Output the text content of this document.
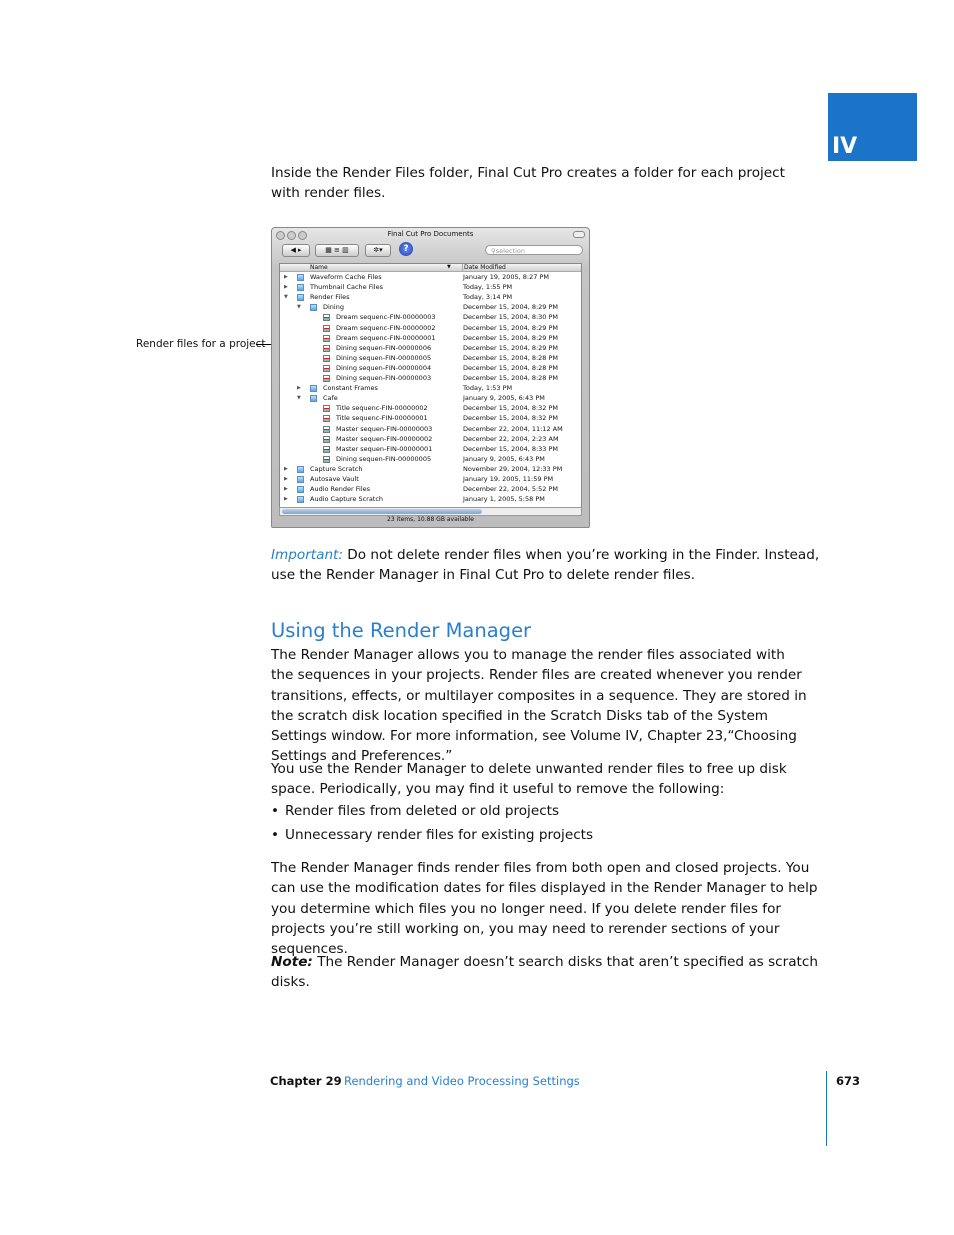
IV
Inside the Render Files folder, Final Cut Pro creates a folder for each project with render files.
Render files for a project
Final Cut Pro Documents
◀ ▸	▦ ≡ ▥	✲▾	?	⚲selection
Name	▼	Date Modified
▶	Waveform Cache Files	January 19, 2005, 8:27 PM
▶	Thumbnail Cache Files	Today, 1:55 PM
▼	Render Files	Today, 3:14 PM
▼	Dining	December 15, 2004, 8:29 PM
Dream sequenc-FIN-00000003	December 15, 2004, 8:30 PM
Dream sequenc-FIN-00000002	December 15, 2004, 8:29 PM
Dream sequenc-FIN-00000001	December 15, 2004, 8:29 PM
Dining sequen-FIN-00000006	December 15, 2004, 8:29 PM
Dining sequen-FIN-00000005	December 15, 2004, 8:28 PM
Dining sequen-FIN-00000004	December 15, 2004, 8:28 PM
Dining sequen-FIN-00000003	December 15, 2004, 8:28 PM
▶	Constant Frames	Today, 1:53 PM
▼	Cafe	January 9, 2005, 6:43 PM
Title sequenc-FIN-00000002	December 15, 2004, 8:32 PM
Title sequenc-FIN-00000001	December 15, 2004, 8:32 PM
Master sequen-FIN-00000003	December 22, 2004, 11:12 AM
Master sequen-FIN-00000002	December 22, 2004, 2:23 AM
Master sequen-FIN-00000001	December 15, 2004, 8:33 PM
Dining sequen-FIN-00000005	January 9, 2005, 6:43 PM
▶	Capture Scratch	November 29, 2004, 12:33 PM
▶	Autosave Vault	January 19, 2005, 11:59 PM
▶	Audio Render Files	December 22, 2004, 5:52 PM
▶	Audio Capture Scratch	January 1, 2005, 5:58 PM
23 items, 10.88 GB available
Important: Do not delete render files when you’re working in the Finder. Instead, use the Render Manager in Final Cut Pro to delete render files.
Using the Render Manager
The Render Manager allows you to manage the render files associated with the sequences in your projects. Render files are created whenever you render transitions, effects, or multilayer composites in a sequence. They are stored in the scratch disk location specified in the Scratch Disks tab of the System Settings window. For more information, see Volume IV, Chapter 23,“Choosing Settings and Preferences.”
You use the Render Manager to delete unwanted render files to free up disk space. Periodically, you may find it useful to remove the following:
• Render files from deleted or old projects
• Unnecessary render files for existing projects
The Render Manager finds render files from both open and closed projects. You can use the modification dates for files displayed in the Render Manager to help you determine which files you no longer need. If you delete render files for projects you’re still working on, you may need to rerender sections of your sequences.
Note: The Render Manager doesn’t search disks that aren’t specified as scratch disks.
Chapter 29 Rendering and Video Processing Settings	673
